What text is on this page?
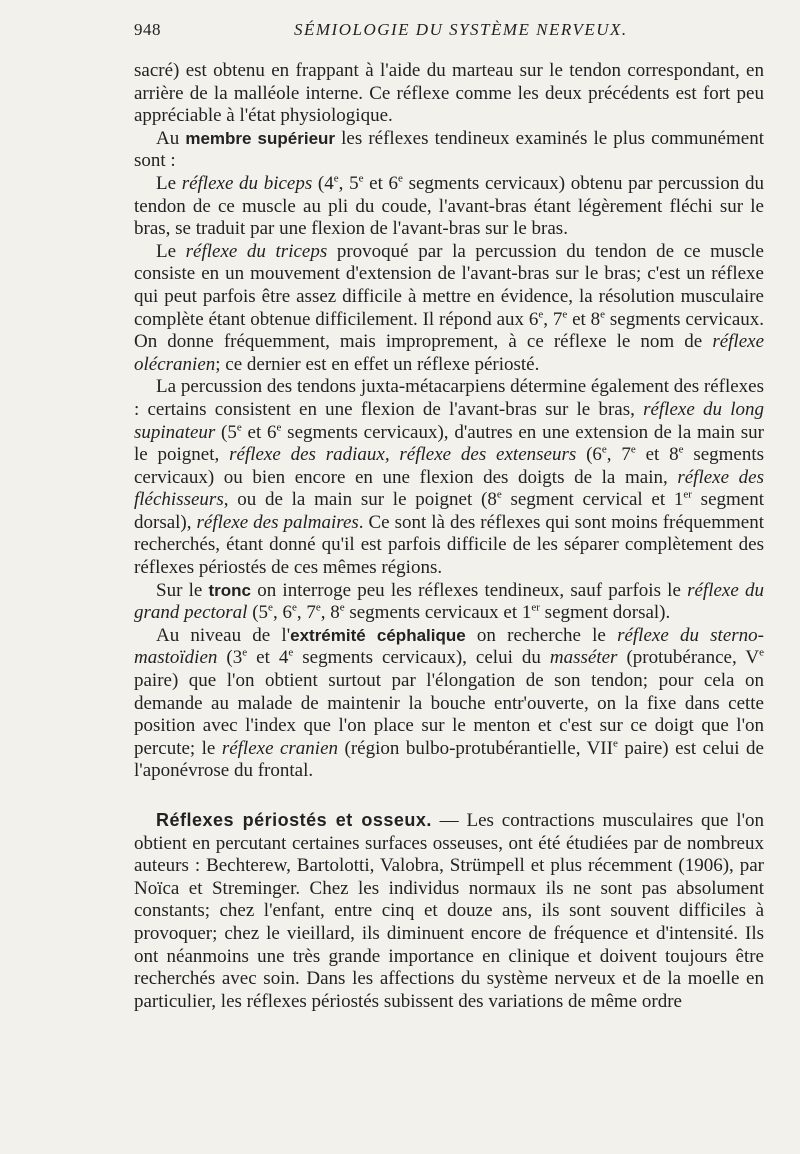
948	SÉMIOLOGIE DU SYSTÈME NERVEUX.

sacré) est obtenu en frappant à l'aide du marteau sur le tendon correspondant, en arrière de la malléole interne. Ce réflexe comme les deux précédents est fort peu appréciable à l'état physiologique.

Au membre supérieur les réflexes tendineux examinés le plus communément sont :

Le réflexe du biceps (4e, 5e et 6e segments cervicaux) obtenu par percussion du tendon de ce muscle au pli du coude, l'avant-bras étant légèrement fléchi sur le bras, se traduit par une flexion de l'avant-bras sur le bras.

Le réflexe du triceps provoqué par la percussion du tendon de ce muscle consiste en un mouvement d'extension de l'avant-bras sur le bras; c'est un réflexe qui peut parfois être assez difficile à mettre en évidence, la résolution musculaire complète étant obtenue difficilement. Il répond aux 6e, 7e et 8e segments cervicaux. On donne fréquemment, mais improprement, à ce réflexe le nom de réflexe olécranien; ce dernier est en effet un réflexe périosté.

La percussion des tendons juxta-métacarpiens détermine également des réflexes : certains consistent en une flexion de l'avant-bras sur le bras, réflexe du long supinateur (5e et 6e segments cervicaux), d'autres en une extension de la main sur le poignet, réflexe des radiaux, réflexe des extenseurs (6e, 7e et 8e segments cervicaux) ou bien encore en une flexion des doigts de la main, réflexe des fléchisseurs, ou de la main sur le poignet (8e segment cervical et 1er segment dorsal), réflexe des palmaires. Ce sont là des réflexes qui sont moins fréquemment recherchés, étant donné qu'il est parfois difficile de les séparer complètement des réflexes périostés de ces mêmes régions.

Sur le tronc on interroge peu les réflexes tendineux, sauf parfois le réflexe du grand pectoral (5e, 6e, 7e, 8e segments cervicaux et 1er segment dorsal).

Au niveau de l'extrémité céphalique on recherche le réflexe du sterno-mastoïdien (3e et 4e segments cervicaux), celui du masséter (protubérance, Ve paire) que l'on obtient surtout par l'élongation de son tendon; pour cela on demande au malade de maintenir la bouche entr'ouverte, on la fixe dans cette position avec l'index que l'on place sur le menton et c'est sur ce doigt que l'on percute; le réflexe cranien (région bulbo-protubérantielle, VIIe paire) est celui de l'aponévrose du frontal.

Réflexes périostés et osseux. — Les contractions musculaires que l'on obtient en percutant certaines surfaces osseuses, ont été étudiées par de nombreux auteurs : Bechterew, Bartolotti, Valobra, Strümpell et plus récemment (1906), par Noïca et Streminger. Chez les individus normaux ils ne sont pas absolument constants; chez l'enfant, entre cinq et douze ans, ils sont souvent difficiles à provoquer; chez le vieillard, ils diminuent encore de fréquence et d'intensité. Ils ont néanmoins une très grande importance en clinique et doivent toujours être recherchés avec soin. Dans les affections du système nerveux et de la moelle en particulier, les réflexes périostés subissent des variations de même ordre
